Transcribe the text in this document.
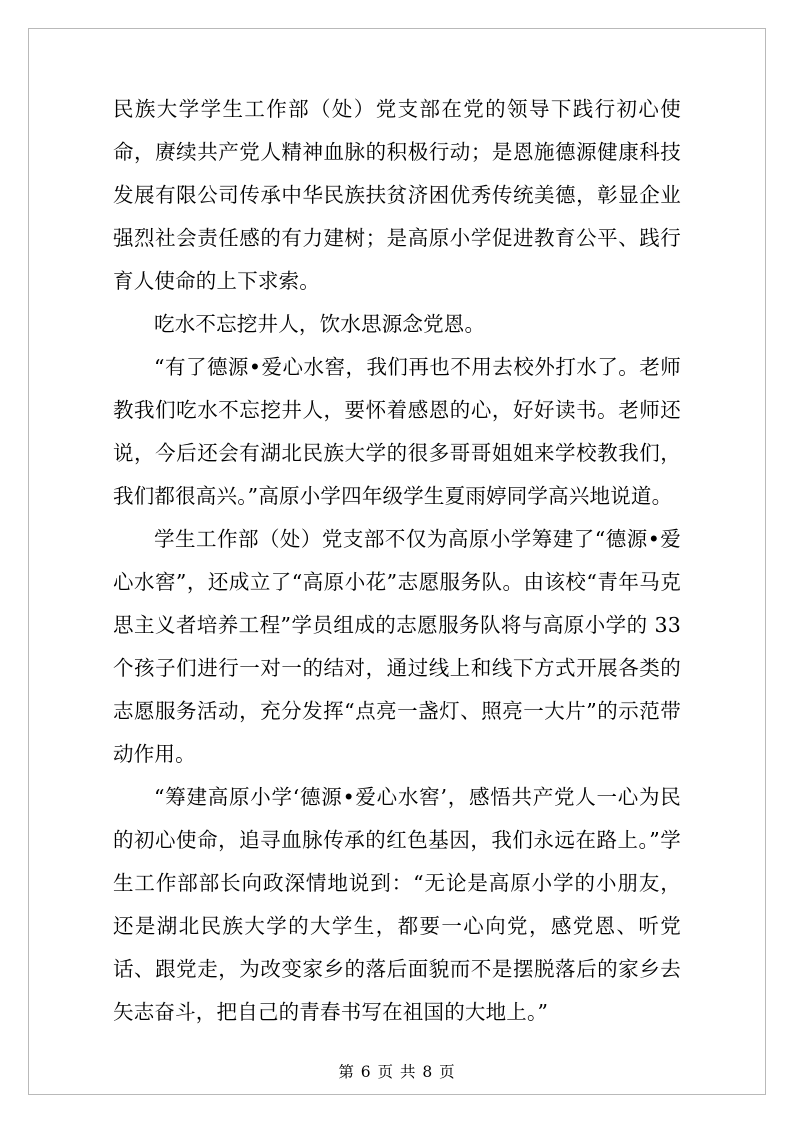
民族大学学生工作部（处）党支部在党的领导下践行初心使命，赓续共产党人精神血脉的积极行动；是恩施德源健康科技发展有限公司传承中华民族扶贫济困优秀传统美德，彰显企业强烈社会责任感的有力建树；是高原小学促进教育公平、践行育人使命的上下求索。

吃水不忘挖井人，饮水思源念党恩。

“有了德源•爱心水窖，我们再也不用去校外打水了。老师教我们吃水不忘挖井人，要怀着感恩的心，好好读书。老师还说，今后还会有湖北民族大学的很多哥哥姐姐来学校教我们，我们都很高兴。”高原小学四年级学生夏雨婷同学高兴地说道。

学生工作部（处）党支部不仅为高原小学筹建了“德源•爱心水窖”，还成立了“高原小花”志愿服务队。由该校“青年马克思主义者培养工程”学员组成的志愿服务队将与高原小学的 33 个孩子们进行一对一的结对，通过线上和线下方式开展各类的志愿服务活动，充分发挥“点亮一盏灯、照亮一大片”的示范带动作用。

“筹建高原小学‘德源•爱心水窖’，感悟共产党人一心为民的初心使命，追寻血脉传承的红色基因，我们永远在路上。”学生工作部部长向政深情地说到：“无论是高原小学的小朋友，还是湖北民族大学的大学生，都要一心向党，感党恩、听党话、跟党走，为改变家乡的落后面貌而不是摆脱落后的家乡去矢志奋斗，把自己的青春书写在祖国的大地上。”

第 6 页 共 8 页
